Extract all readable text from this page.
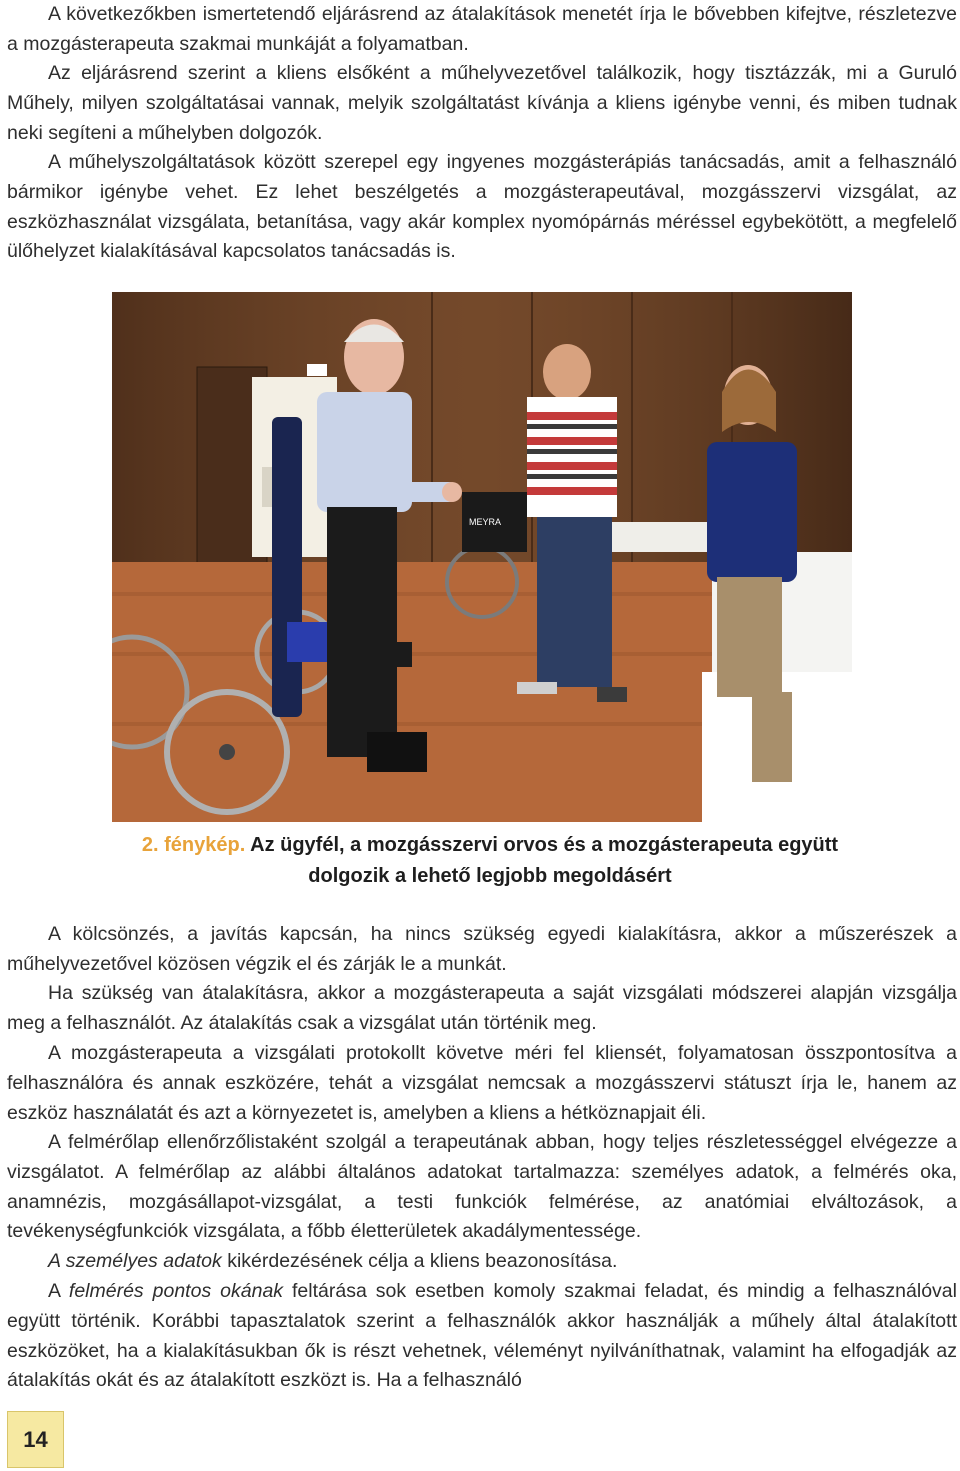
A következőkben ismertetendő eljárásrend az átalakítások menetét írja le bővebben kifejtve, részletezve a mozgásterapeuta szakmai munkáját a folyamatban.

Az eljárásrend szerint a kliens elsőként a műhelyvezetővel találkozik, hogy tisztázzák, mi a Guruló Műhely, milyen szolgáltatásai vannak, melyik szolgáltatást kívánja a kliens igénybe venni, és miben tudnak neki segíteni a műhelyben dolgozók.

A műhelyszolgáltatások között szerepel egy ingyenes mozgásterápiás tanácsadás, amit a felhasználó bármikor igénybe vehet. Ez lehet beszélgetés a mozgásterapeutával, mozgásszervi vizsgálat, az eszközhasználat vizsgálata, betanítása, vagy akár komplex nyomópárnás méréssel egybekötött, a megfelelő ülőhelyzet kialakításával kapcsolatos tanácsadás is.

MEYRA
2. fénykép. Az ügyfél, a mozgásszervi orvos és a mozgásterapeuta együtt
dolgozik a lehető legjobb megoldásért

A kölcsönzés, a javítás kapcsán, ha nincs szükség egyedi kialakításra, akkor a műszerészek a műhelyvezetővel közösen végzik el és zárják le a munkát.

Ha szükség van átalakításra, akkor a mozgásterapeuta a saját vizsgálati módszerei alapján vizsgálja meg a felhasználót. Az átalakítás csak a vizsgálat után történik meg.

A mozgásterapeuta a vizsgálati protokollt követve méri fel kliensét, folyamatosan összpontosítva a felhasználóra és annak eszközére, tehát a vizsgálat nemcsak a mozgásszervi státuszt írja le, hanem az eszköz használatát és azt a környezetet is, amelyben a kliens a hétköznapjait éli.

A felmérőlap ellenőrzőlistaként szolgál a terapeutának abban, hogy teljes részletességgel elvégezze a vizsgálatot. A felmérőlap az alábbi általános adatokat tartalmazza: személyes adatok, a felmérés oka, anamnézis, mozgásállapot-vizsgálat, a testi funkciók felmérése, az anatómiai elváltozások, a tevékenységfunkciók vizsgálata, a főbb életterületek akadálymentessége.

A személyes adatok kikérdezésének célja a kliens beazonosítása.

A felmérés pontos okának feltárása sok esetben komoly szakmai feladat, és mindig a felhasználóval együtt történik. Korábbi tapasztalatok szerint a felhasználók akkor használják a műhely által átalakított eszközöket, ha a kialakításukban ők is részt vehetnek, véleményt nyilváníthatnak, valamint ha elfogadják az átalakítás okát és az átalakított eszközt is. Ha a felhasználó

14
